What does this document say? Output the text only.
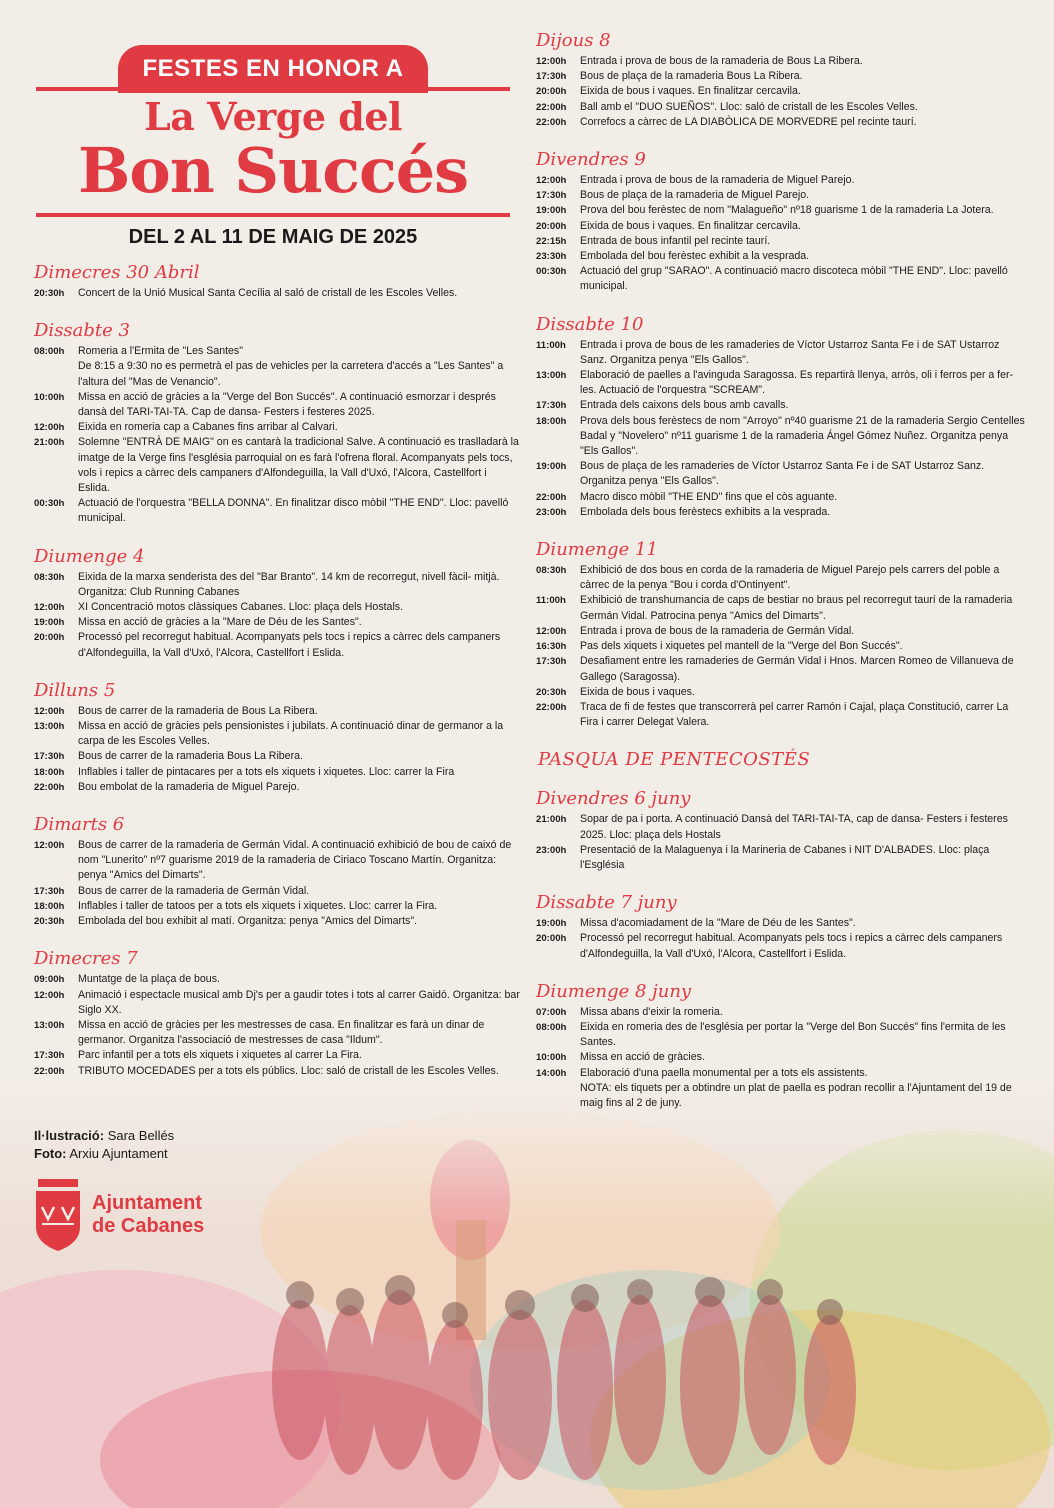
FESTES EN HONOR A
La Verge del
Bon Succés
DEL 2 AL 11 DE MAIG DE 2025
Dimecres 30 Abril
20:30h	Concert de la Unió Musical Santa Cecília al saló de cristall de les Escoles Velles.
Dissabte 3
08:00h	Romeria a l'Ermita de "Les Santes"
De 8:15 a 9:30 no es permetrà el pas de vehicles per la carretera d'accés a "Les Santes" a l'altura del "Mas de Venancio".
10:00h	Missa en acció de gràcies a la "Verge del Bon Succés". A continuació esmorzar i després dansà del TARI-TAI-TA. Cap de dansa- Festers i festeres 2025.
12:00h	Eixida en romeria cap a Cabanes fins arribar al Calvari.
21:00h	Solemne "ENTRÀ DE MAIG" on es cantarà la tradicional Salve. A continuació es traslladarà la imatge de la Verge fins l'església parroquial on es farà l'ofrena floral. Acompanyats pels tocs, vols i repics a càrrec dels campaners d'Alfondeguilla, la Vall d'Uxó, l'Alcora, Castellfort i Eslida.
00:30h	Actuació de l'orquestra "BELLA DONNA". En finalitzar disco mòbil "THE END". Lloc: pavelló municipal.
Diumenge 4
08:30h	Eixida de la marxa senderista des del "Bar Branto". 14 km de recorregut, nivell fàcil- mitjà. Organitza: Club Running Cabanes
12:00h	XI Concentració motos clàssiques Cabanes. Lloc: plaça dels Hostals.
19:00h	Missa en acció de gràcies a la "Mare de Déu de les Santes".
20:00h	Processó pel recorregut habitual. Acompanyats pels tocs i repics a càrrec dels campaners d'Alfondeguilla, la Vall d'Uxó, l'Alcora, Castellfort i Eslida.
Dilluns 5
12:00h	Bous de carrer de la ramaderia de Bous La Ribera.
13:00h	Missa en acció de gràcies pels pensionistes i jubilats. A continuació dinar de germanor a la carpa de les Escoles Velles.
17:30h	Bous de carrer de la ramaderia Bous La Ribera.
18:00h	Inflables i taller de pintacares per a tots els xiquets i xiquetes. Lloc: carrer la Fira
22:00h	Bou embolat de la ramaderia de Miguel Parejo.
Dimarts 6
12:00h	Bous de carrer de la ramaderia de Germán Vidal. A continuació exhibició de bou de caixó de nom "Lunerito" nº7 guarisme 2019 de la ramaderia de Ciriaco Toscano Martín. Organitza: penya "Amics del Dimarts".
17:30h	Bous de carrer de la ramaderia de Germán Vidal.
18:00h	Inflables i taller de tatoos per a tots els xiquets i xiquetes. Lloc: carrer la Fira.
20:30h	Embolada del bou exhibit al matí. Organitza: penya "Amics del Dimarts".
Dimecres 7
09:00h	Muntatge de la plaça de bous.
12:00h	Animació i espectacle musical amb Dj's per a gaudir totes i tots al carrer Gaidó. Organitza: bar Siglo XX.
13:00h	Missa en acció de gràcies per les mestresses de casa. En finalitzar es farà un dinar de germanor. Organitza l'associació de mestresses de casa "Ildum".
17:30h	Parc infantil per a tots els xiquets i xiquetes al carrer La Fira.
22:00h	TRIBUTO MOCEDADES per a tots els públics. Lloc: saló de cristall de les Escoles Velles.
Dijous 8
12:00h	Entrada i prova de bous de la ramaderia de Bous La Ribera.
17:30h	Bous de plaça de la ramaderia Bous La Ribera.
20:00h	Eixida de bous i vaques. En finalitzar cercavila.
22:00h	Ball amb el "DUO SUEÑOS". Lloc: saló de cristall de les Escoles Velles.
22:00h	Correfocs a càrrec de LA DIABÒLICA DE MORVEDRE pel recinte taurí.
Divendres 9
12:00h	Entrada i prova de bous de la ramaderia de Miguel Parejo.
17:30h	Bous de plaça de la ramaderia de Miguel Parejo.
19:00h	Prova del bou ferèstec de nom "Malagueño" nº18 guarisme 1 de la ramaderia La Jotera.
20:00h	Eixida de bous i vaques. En finalitzar cercavila.
22:15h	Entrada de bous infantil pel recinte taurí.
23:30h	Embolada del bou ferèstec exhibit a la vesprada.
00:30h	Actuació del grup "SARAO". A continuació macro discoteca mòbil "THE END". Lloc: pavelló municipal.
Dissabte 10
11:00h	Entrada i prova de bous de les ramaderies de Víctor Ustarroz Santa Fe i de SAT Ustarroz Sanz. Organitza penya "Els Gallos".
13:00h	Elaboració de paelles a l'avinguda Saragossa. Es repartirà llenya, arròs, oli i ferros per a fer-les. Actuació de l'orquestra "SCREAM".
17:30h	Entrada dels caixons dels bous amb cavalls.
18:00h	Prova dels bous ferèstecs de nom "Arroyo" nº40 guarisme 21 de la ramaderia Sergio Centelles Badal y "Novelero" nº11 guarisme 1 de la ramaderia Ángel Gómez Nuñez. Organitza penya "Els Gallos".
19:00h	Bous de plaça de les ramaderies de Víctor Ustarroz Santa Fe i de SAT Ustarroz Sanz. Organitza penya "Els Gallos".
22:00h	Macro disco mòbil "THE END" fins que el còs aguante.
23:00h	Embolada dels bous ferèstecs exhibits a la vesprada.
Diumenge 11
08:30h	Exhibició de dos bous en corda de la ramaderia de Miguel Parejo pels carrers del poble a càrrec de la penya "Bou i corda d'Ontinyent".
11:00h	Exhibició de transhumancia de caps de bestiar no braus pel recorregut taurí de la ramaderia Germán Vidal. Patrocina penya "Amics del Dimarts".
12:00h	Entrada i prova de bous de la ramaderia de Germán Vidal.
16:30h	Pas dels xiquets i xiquetes pel mantell de la "Verge del Bon Succés".
17:30h	Desafiament entre les ramaderies de Germán Vidal i Hnos. Marcen Romeo de Villanueva de Gallego (Saragossa).
20:30h	Eixida de bous i vaques.
22:00h	Traca de fi de festes que transcorrerà pel carrer Ramón i Cajal, plaça Constitució, carrer La Fira i carrer Delegat Valera.
PASQUA DE PENTECOSTÉS
Divendres 6 juny
21:00h	Sopar de pa i porta. A continuació Dansà del TARI-TAI-TA, cap de dansa- Festers i festeres 2025. Lloc: plaça dels Hostals
23:00h	Presentació de la Malaguenya i la Marineria de Cabanes i NIT D'ALBADES. Lloc: plaça l'Església
Dissabte 7 juny
19:00h	Missa d'acomiadament de la "Mare de Déu de les Santes".
20:00h	Processó pel recorregut habitual. Acompanyats pels tocs i repics a càrrec dels campaners d'Alfondeguilla, la Vall d'Uxó, l'Alcora, Castellfort i Eslida.
Diumenge 8 juny
07:00h	Missa abans d'eixir la romeria.
08:00h	Eixida en romeria des de l'església per portar la "Verge del Bon Succés" fins l'ermita de les Santes.
10:00h	Missa en acció de gràcies.
14:00h	Elaboració d'una paella monumental per a tots els assistents.
NOTA: els tiquets per a obtindre un plat de paella es podran recollir a l'Ajuntament del 19 de maig fins al 2 de juny.
Il·lustració: Sara Bellés
Foto: Arxiu Ajuntament
Ajuntament
de Cabanes
